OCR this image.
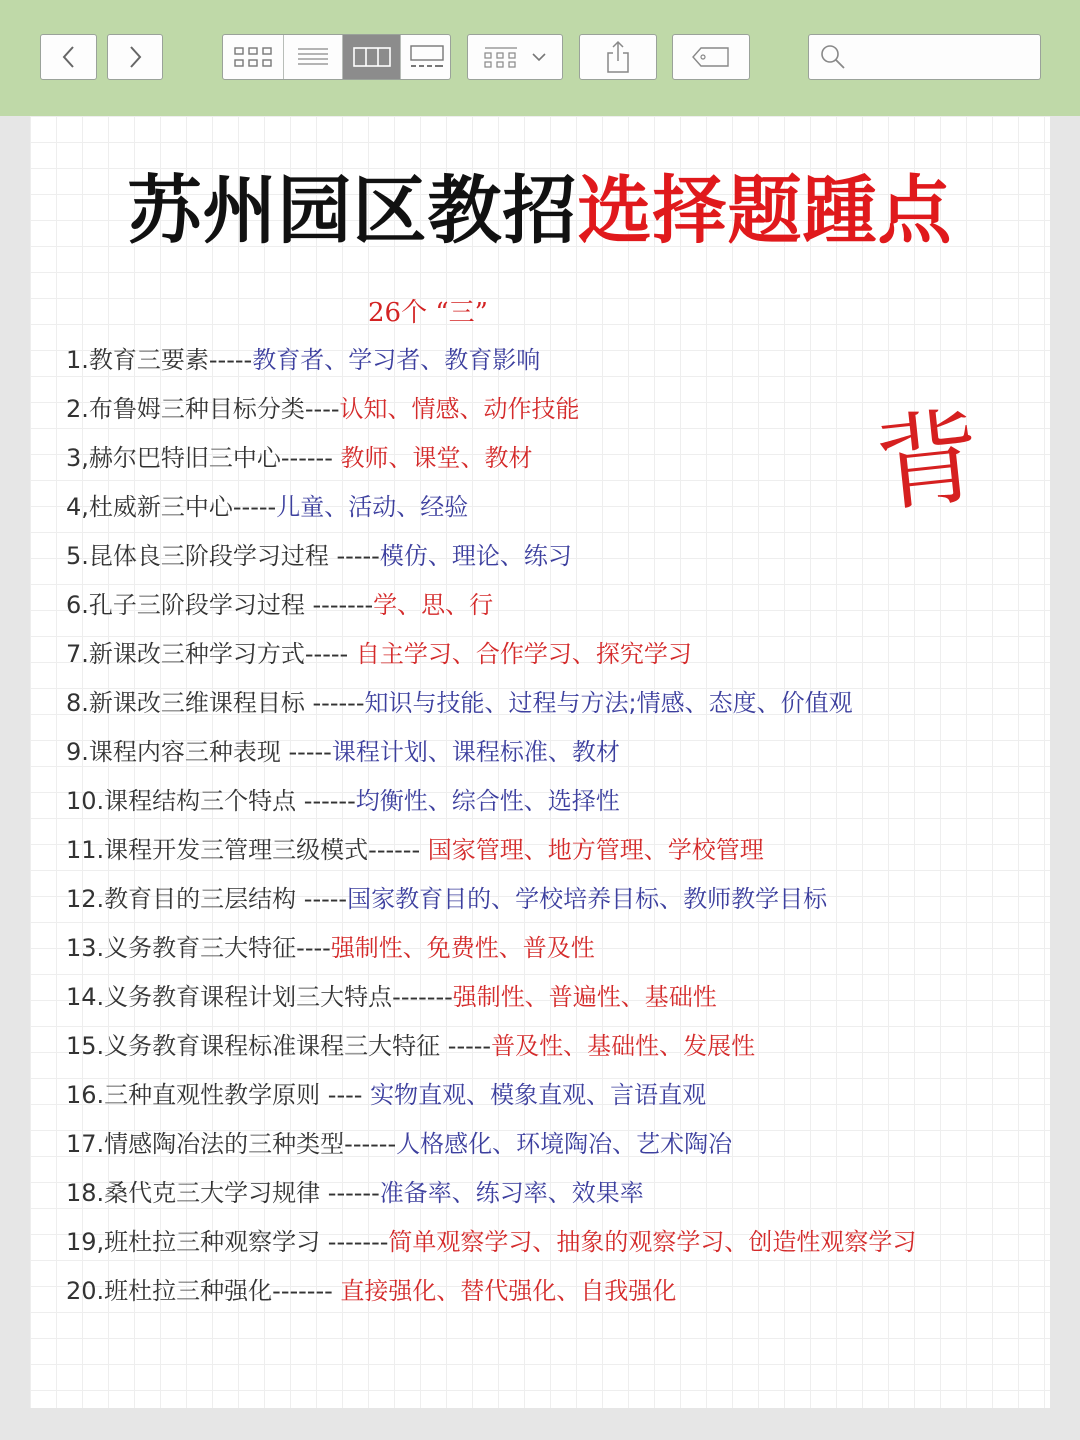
苏州园区教招选择题踵点
26个 “三”
背
1.教育三要素-----教育者、学习者、教育影响
2.布鲁姆三种目标分类----认知、情感、动作技能
3,赫尔巴特旧三中心------ 教师、课堂、教材
4,杜威新三中心-----儿童、活动、经验
5.昆体良三阶段学习过程 -----模仿、理论、练习
6.孔子三阶段学习过程 -------学、思、行
7.新课改三种学习方式----- 自主学习、合作学习、探究学习
8.新课改三维课程目标 ------知识与技能、过程与方法;情感、态度、价值观
9.课程内容三种表现 -----课程计划、课程标准、教材
10.课程结构三个特点 ------均衡性、综合性、选择性
11.课程开发三管理三级模式------ 国家管理、地方管理、学校管理
12.教育目的三层结构 -----国家教育目的、学校培养目标、教师教学目标
13.义务教育三大特征----强制性、免费性、普及性
14.义务教育课程计划三大特点-------强制性、普遍性、基础性
15.义务教育课程标准课程三大特征 -----普及性、基础性、发展性
16.三种直观性教学原则 ---- 实物直观、模象直观、言语直观
17.情感陶冶法的三种类型------人格感化、环境陶冶、艺术陶冶
18.桑代克三大学习规律 ------准备率、练习率、效果率
19,班杜拉三种观察学习 -------简单观察学习、抽象的观察学习、创造性观察学习
20.班杜拉三种强化------- 直接强化、替代强化、自我强化
